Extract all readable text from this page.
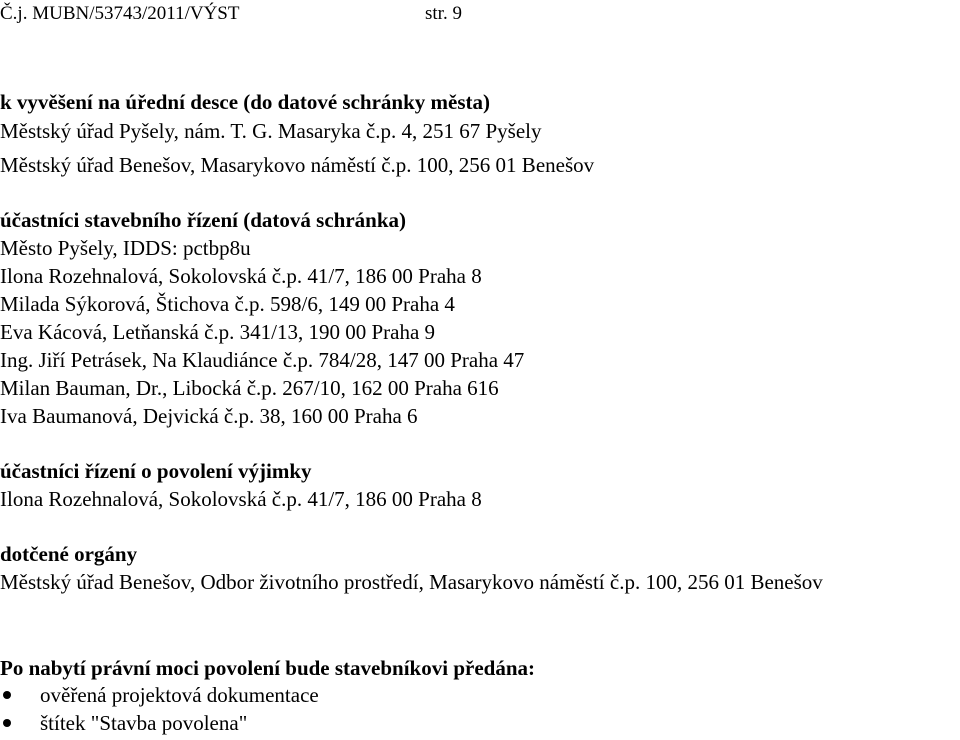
Č.j. MUBN/53743/2011/VÝST	str. 9
k vyvěšení na úřední desce (do datové schránky města)
Městský úřad Pyšely, nám. T. G. Masaryka č.p. 4, 251 67 Pyšely
Městský úřad Benešov, Masarykovo náměstí č.p. 100, 256 01 Benešov
účastníci stavebního řízení (datová schránka)
Město Pyšely, IDDS: pctbp8u
Ilona Rozehnalová, Sokolovská č.p. 41/7, 186 00 Praha 8
Milada Sýkorová, Štichova č.p. 598/6, 149 00 Praha 4
Eva Kácová, Letňanská č.p. 341/13, 190 00 Praha 9
Ing. Jiří Petrásek, Na Klaudiánce č.p. 784/28, 147 00 Praha 47
Milan Bauman, Dr., Libocká č.p. 267/10, 162 00 Praha 616
Iva Baumanová, Dejvická č.p. 38, 160 00 Praha 6
účastníci řízení o povolení výjimky
Ilona Rozehnalová, Sokolovská č.p. 41/7, 186 00 Praha 8
dotčené orgány
Městský úřad Benešov, Odbor životního prostředí, Masarykovo náměstí č.p. 100, 256 01 Benešov
Po nabytí právní moci povolení bude stavebníkovi předána:
ověřená projektová dokumentace
štítek "Stavba povolena"
